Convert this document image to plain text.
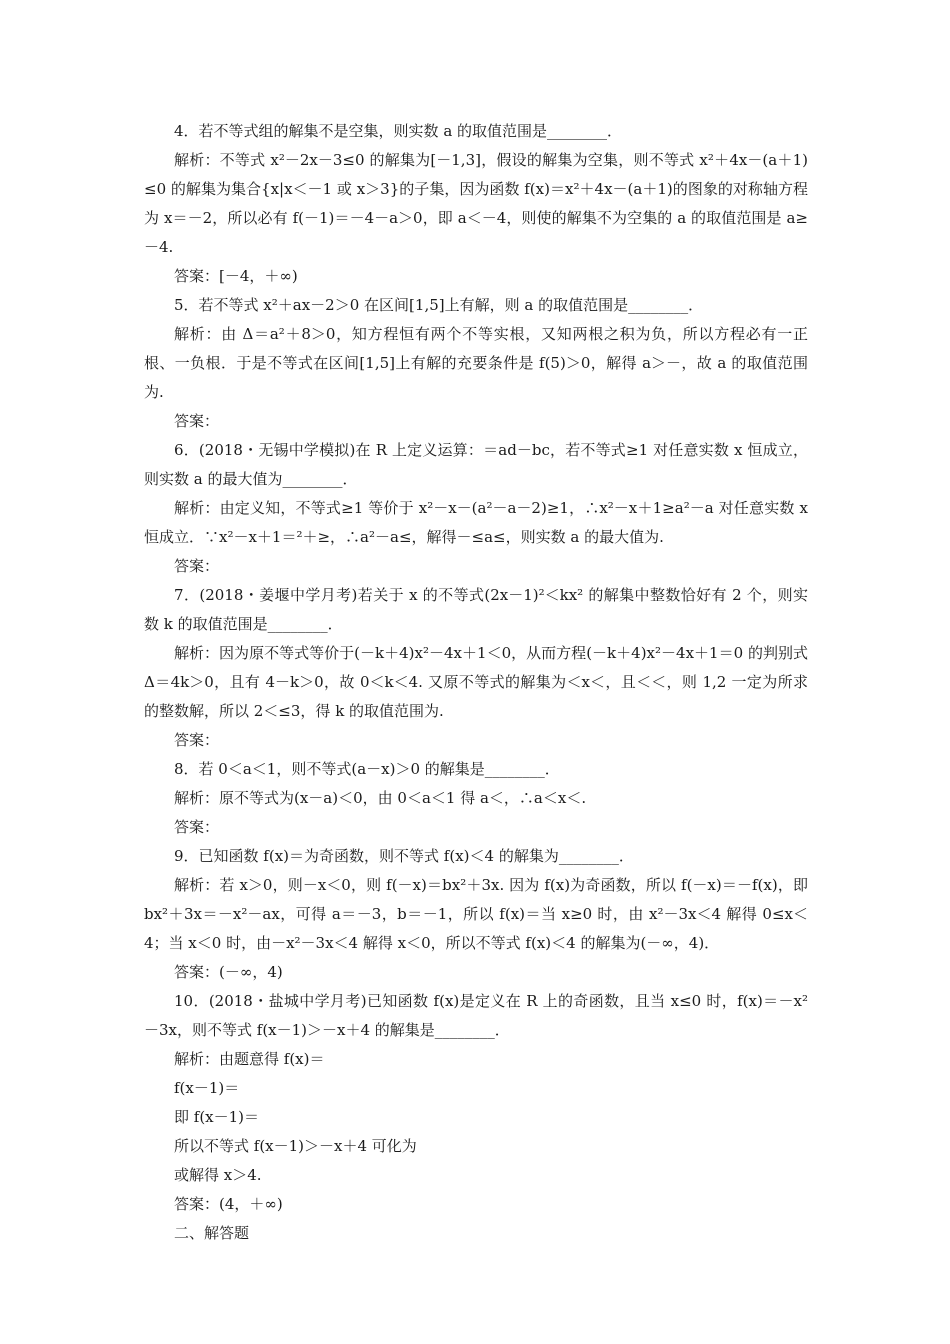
4．若不等式组的解集不是空集，则实数 a 的取值范围是________．

解析：不等式 x²－2x－3≤0 的解集为[－1,3]，假设的解集为空集，则不等式 x²＋4x－(a＋1)≤0 的解集为集合{x|x＜－1 或 x＞3}的子集，因为函数 f(x)＝x²＋4x－(a＋1)的图象的对称轴方程为 x＝－2，所以必有 f(－1)＝－4－a＞0，即 a＜－4，则使的解集不为空集的 a 的取值范围是 a≥－4.

答案：[－4，＋∞)

5．若不等式 x²＋ax－2＞0 在区间[1,5]上有解，则 a 的取值范围是________．

解析：由 Δ＝a²＋8＞0，知方程恒有两个不等实根，又知两根之积为负，所以方程必有一正根、一负根．于是不等式在区间[1,5]上有解的充要条件是 f(5)＞0，解得 a＞－，故 a 的取值范围为.

答案：

6．(2018・无锡中学模拟)在 R 上定义运算：＝ad－bc，若不等式≥1 对任意实数 x 恒成立，则实数 a 的最大值为________．

解析：由定义知，不等式≥1 等价于 x²－x－(a²－a－2)≥1，∴x²－x＋1≥a²－a 对任意实数 x 恒成立．∵x²－x＋1＝²＋≥，∴a²－a≤，解得－≤a≤，则实数 a 的最大值为.

答案：

7．(2018・姜堰中学月考)若关于 x 的不等式(2x－1)²＜kx² 的解集中整数恰好有 2 个，则实数 k 的取值范围是________．

解析：因为原不等式等价于(－k＋4)x²－4x＋1＜0，从而方程(－k＋4)x²－4x＋1＝0 的判别式 Δ＝4k＞0，且有 4－k＞0，故 0＜k＜4. 又原不等式的解集为＜x＜，且＜＜，则 1,2 一定为所求的整数解，所以 2＜≤3，得 k 的取值范围为.

答案：

8．若 0＜a＜1，则不等式(a－x)＞0 的解集是________．

解析：原不等式为(x－a)＜0，由 0＜a＜1 得 a＜，∴a＜x＜.

答案：

9．已知函数 f(x)＝为奇函数，则不等式 f(x)＜4 的解集为________．

解析：若 x＞0，则－x＜0，则 f(－x)＝bx²＋3x. 因为 f(x)为奇函数，所以 f(－x)＝－f(x)，即 bx²＋3x＝－x²－ax，可得 a＝－3，b＝－1，所以 f(x)＝当 x≥0 时，由 x²－3x＜4 解得 0≤x＜4；当 x＜0 时，由－x²－3x＜4 解得 x＜0，所以不等式 f(x)＜4 的解集为(－∞，4)．

答案：(－∞，4)

10．(2018・盐城中学月考)已知函数 f(x)是定义在 R 上的奇函数，且当 x≤0 时，f(x)＝－x²－3x，则不等式 f(x－1)＞－x＋4 的解集是________．

解析：由题意得 f(x)＝

f(x－1)＝

即 f(x－1)＝

所以不等式 f(x－1)＞－x＋4 可化为

或解得 x＞4.

答案：(4，＋∞)

二、解答题
